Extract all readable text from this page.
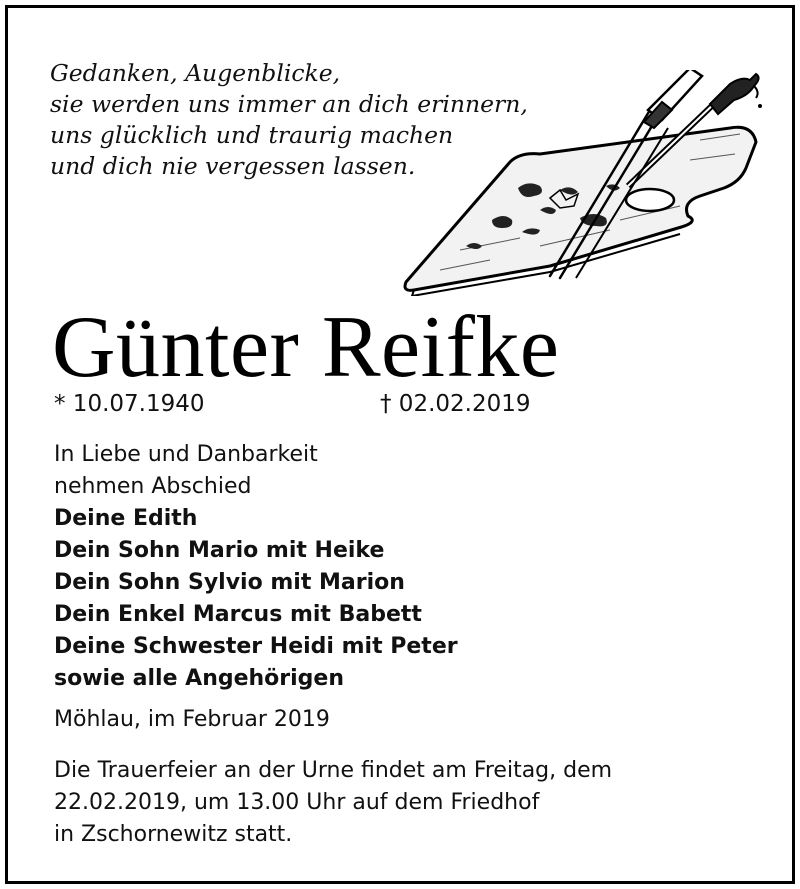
Gedanken, Augenblicke,
sie werden uns immer an dich erinnern,
uns glücklich und traurig machen
und dich nie vergessen lassen.
Günter Reifke
* 10.07.1940	† 02.02.2019
In Liebe und Danbarkeit
nehmen Abschied
Deine Edith
Dein Sohn Mario mit Heike
Dein Sohn Sylvio mit Marion
Dein Enkel Marcus mit Babett
Deine Schwester Heidi mit Peter
sowie alle Angehörigen
Möhlau, im Februar 2019
Die Trauerfeier an der Urne findet am Freitag, dem
22.02.2019, um 13.00 Uhr auf dem Friedhof
in Zschornewitz statt.
